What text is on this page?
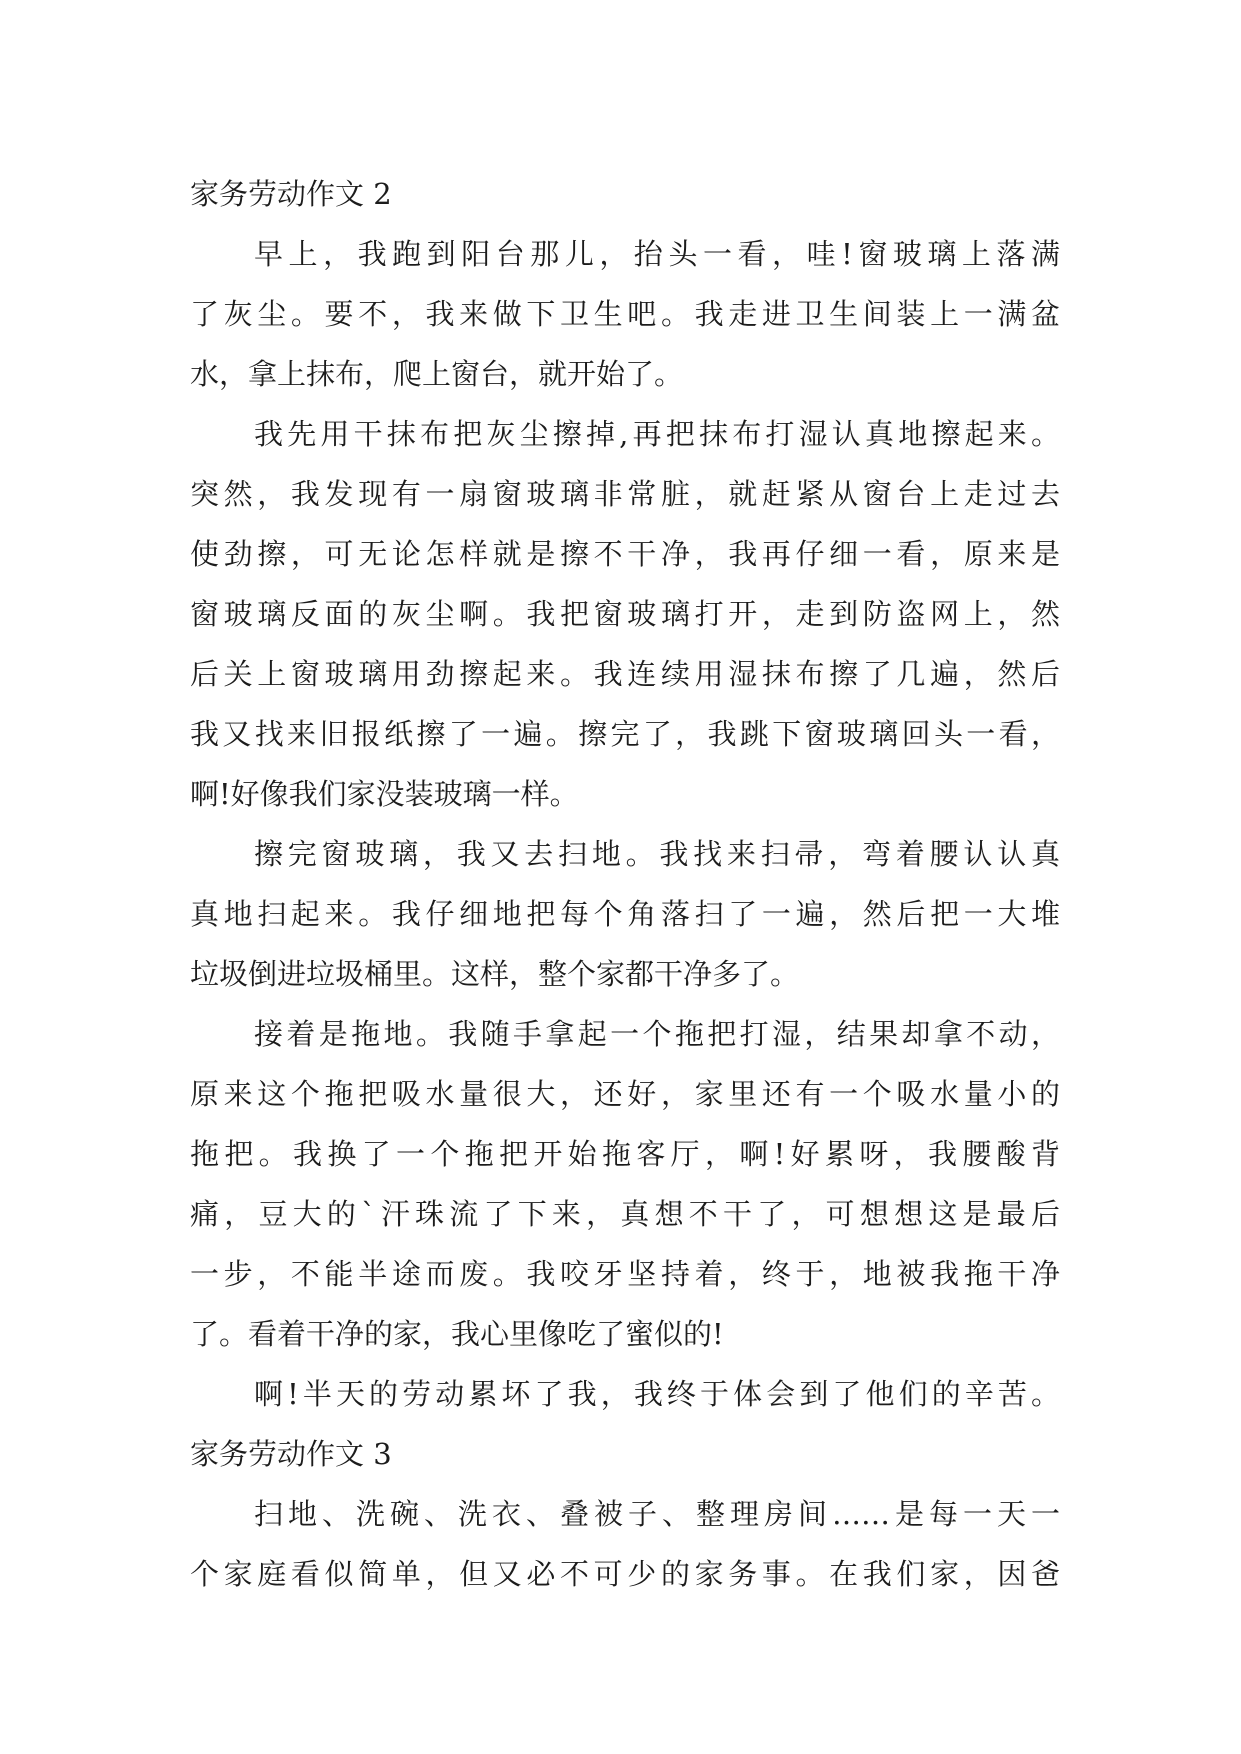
家务劳动作文 2
早上，我跑到阳台那儿，抬头一看，哇!窗玻璃上落满
了灰尘。要不，我来做下卫生吧。我走进卫生间装上一满盆
水，拿上抹布，爬上窗台，就开始了。
我先用干抹布把灰尘擦掉,再把抹布打湿认真地擦起来。
突然，我发现有一扇窗玻璃非常脏，就赶紧从窗台上走过去
使劲擦，可无论怎样就是擦不干净，我再仔细一看，原来是
窗玻璃反面的灰尘啊。我把窗玻璃打开，走到防盗网上，然
后关上窗玻璃用劲擦起来。我连续用湿抹布擦了几遍，然后
我又找来旧报纸擦了一遍。擦完了，我跳下窗玻璃回头一看，
啊!好像我们家没装玻璃一样。
擦完窗玻璃，我又去扫地。我找来扫帚，弯着腰认认真
真地扫起来。我仔细地把每个角落扫了一遍，然后把一大堆
垃圾倒进垃圾桶里。这样，整个家都干净多了。
接着是拖地。我随手拿起一个拖把打湿，结果却拿不动，
原来这个拖把吸水量很大，还好，家里还有一个吸水量小的
拖把。我换了一个拖把开始拖客厅，啊!好累呀，我腰酸背
痛，豆大的`汗珠流了下来，真想不干了，可想想这是最后
一步，不能半途而废。我咬牙坚持着，终于，地被我拖干净
了。看着干净的家，我心里像吃了蜜似的!
啊!半天的劳动累坏了我，我终于体会到了他们的辛苦。
家务劳动作文 3
扫地、洗碗、洗衣、叠被子、整理房间……是每一天一
个家庭看似简单，但又必不可少的家务事。在我们家，因爸
